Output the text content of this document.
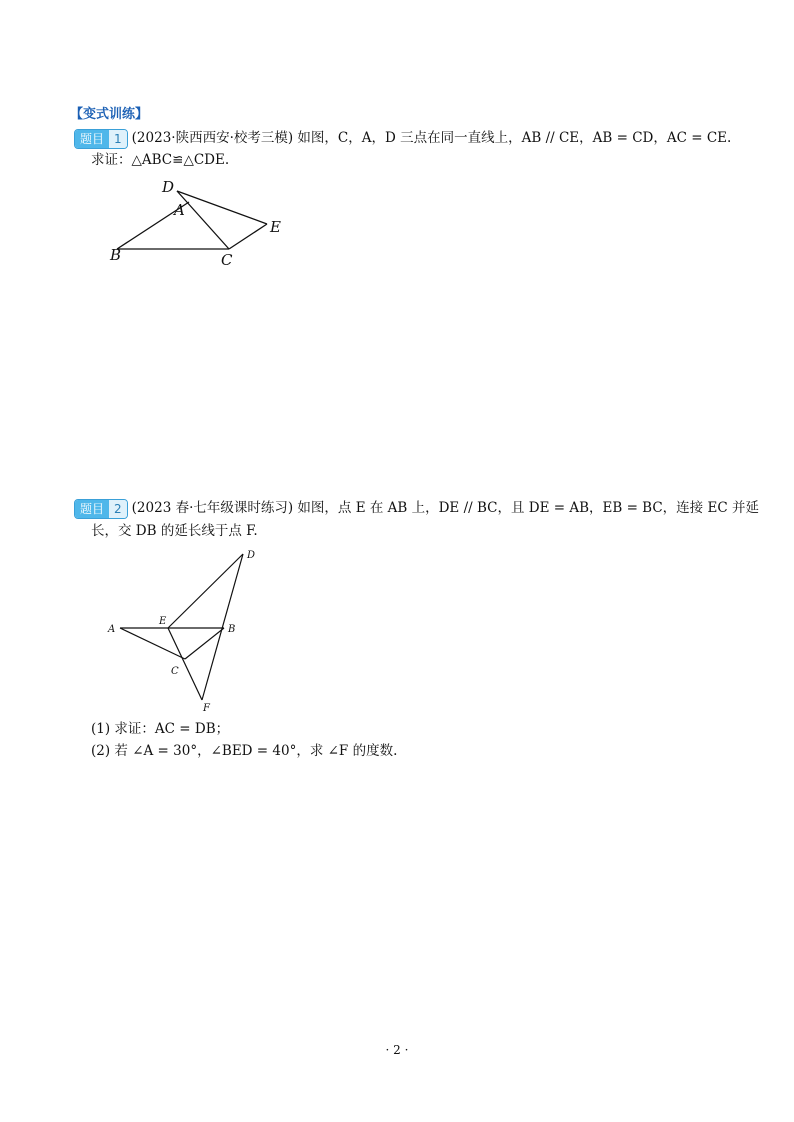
【变式训练】
题目 1 (2023·陕西西安·校考三模) 如图，C，A，D 三点在同一直线上，AB // CE，AB = CD，AC = CE.
求证：△ABC≌△CDE.
D
A
E
B	C
题目 2 (2023 春·七年级课时练习) 如图，点 E 在 AB 上，DE // BC，且 DE = AB，EB = BC，连接 EC 并延
长，交 DB 的延长线于点 F.
D
A
E
B
C
F
(1) 求证：AC = DB；
(2) 若 ∠A = 30°，∠BED = 40°，求 ∠F 的度数.
· 2 ·
